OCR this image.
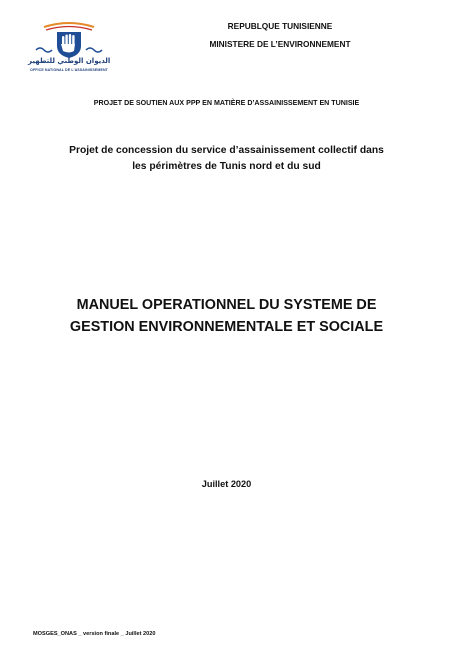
الديوان الوطني للتطهير
OFFICE NATIONAL DE L'ASSAINISSEMENT
REPUBLQUE TUNISIENNE
MINISTERE DE L’ENVIRONNEMENT
PROJET DE SOUTIEN AUX PPP EN MATIÈRE D’ASSAINISSEMENT EN TUNISIE
Projet de concession du service d’assainissement collectif dans
les périmètres de Tunis nord et du sud
MANUEL OPERATIONNEL DU SYSTEME DE
GESTION ENVIRONNEMENTALE ET SOCIALE
Juillet 2020
MOSGES_ONAS _ version finale _ Juillet 2020
